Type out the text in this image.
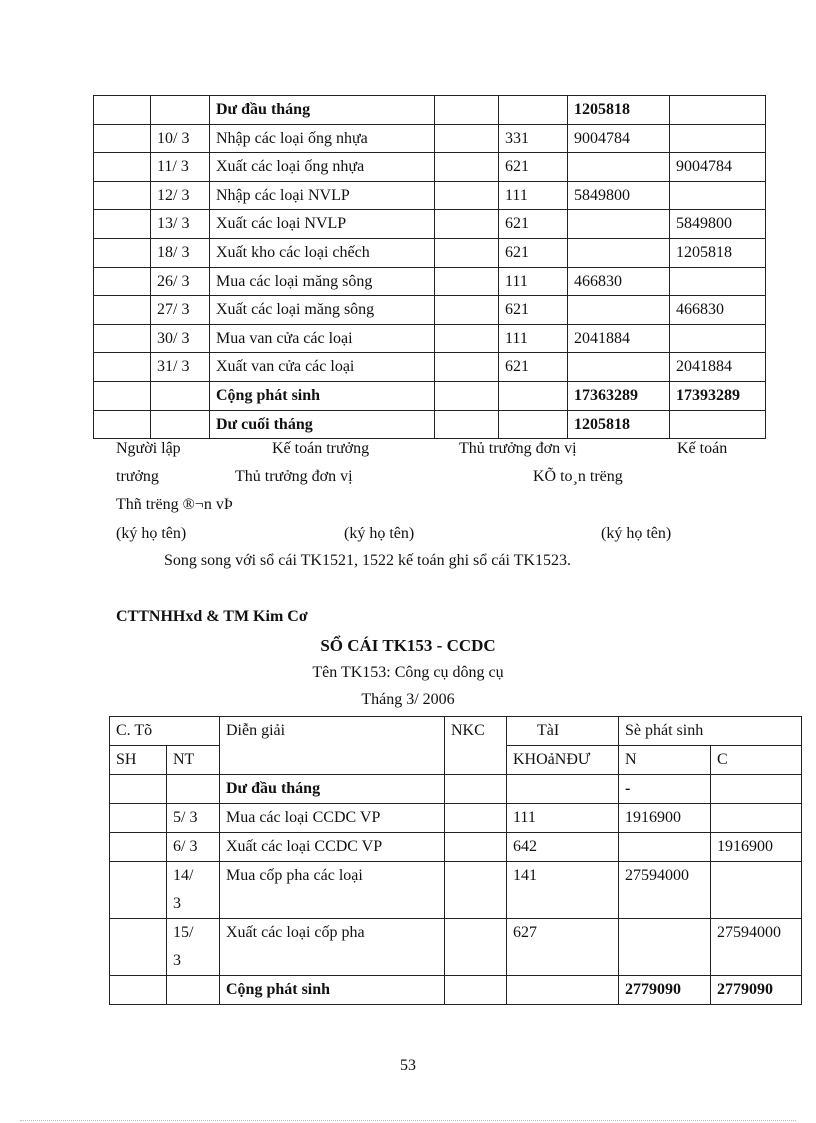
		Dư đầu tháng			1205818	
	10/ 3	Nhập các loại ống nhựa		331	9004784	
	11/ 3	Xuất các loại ống nhựa		621		9004784
	12/ 3	Nhập các loại NVLP		111	5849800	
	13/ 3	Xuất các loại NVLP		621		5849800
	18/ 3	Xuất kho các loại chếch		621		1205818
	26/ 3	Mua các loại măng sông		111	466830	
	27/ 3	Xuất các loại măng sông		621		466830
	30/ 3	Mua van cửa các loại		111	2041884	
	31/ 3	Xuất van cửa các loại		621		2041884
		Cộng phát sinh			17363289	17393289
		Dư cuối tháng			1205818	
Người lập	Kế toán trưởng	Thủ trưởng đơn vị	Kế toán
trưởng	Thủ trưởng đơn vị	KÕ to¸n trëng
Thñ trëng ®¬n vÞ
(ký họ tên)	(ký họ tên)	(ký họ tên)
Song song với sổ cái TK1521, 1522 kế toán ghi sổ cái TK1523.
CTTNHHxd & TM Kim Cơ
SỔ CÁI TK153 - CCDC
Tên TK153: Công cụ dông cụ
Tháng 3/ 2006
C. Tõ		Diễn giải	NKC	TàI	Sè phát sinh	
SH	NT			KHOảNĐƯ	N	C
		Dư đầu tháng			-	
	5/ 3	Mua các loại CCDC VP		111	1916900	
	6/ 3	Xuất các loại CCDC VP		642		1916900

	14/
3	Mua cốp pha các loại		141	27594000	

	15/
3	Xuất các loại cốp pha		627		27594000
		Cộng phát sinh			2779090	2779090
53
